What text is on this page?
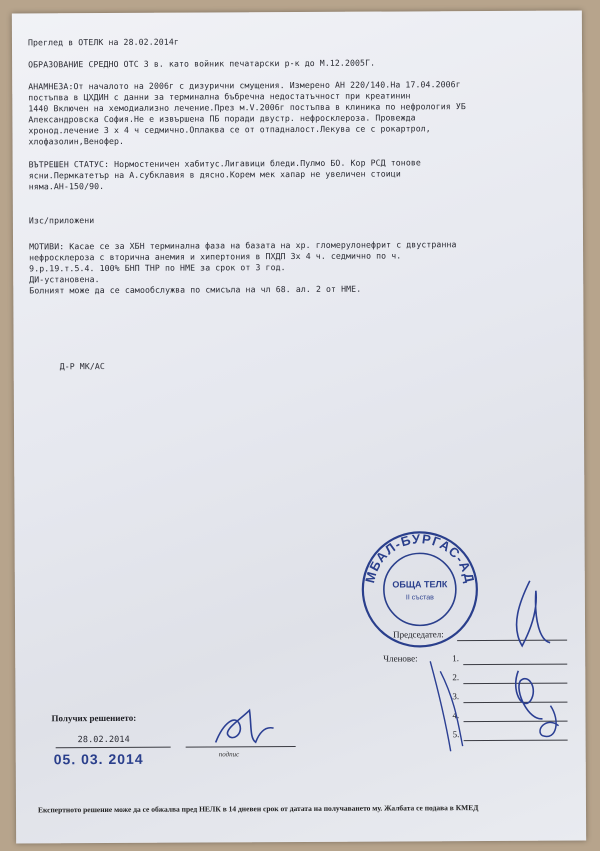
Преглед в ОТЕЛК на 28.02.2014г
ОБРАЗОВАНИЕ СРЕДНО ОТС 3 в. като войник печатарски р-к до М.12.2005Г.
АНАМНЕЗА:От началото на 2006г с дизурични смущения. Измерено АН 220/140.На 17.04.2006г
постъпва в ЦХДИН с данни за терминална бъбречна недостатъчност при креатинин
1440 Включен на хемодиализно лечение.През м.V.2006г постъпва в клиника по нефрология УБ
Александровска София.Не е извършена ПБ поради двустр. нефросклероза. Провежда
хронод.лечение 3 х 4 ч седмично.Оплаква се от отпадналост.Лекува се с рокартрол,
хлофазолин,Венофер.
ВЪТРЕШЕН СТАТУС: Нормостеничен хабитус.Лигавици бледи.Пулмо БО. Кор РСД тонове
ясни.Пермкатетър на А.субклавия в дясно.Корем мек хапар не увеличен стоици
няма.АН-150/90.
Изс/приложени
МОТИВИ: Касае се за ХБН терминална фаза на базата на хр. гломерулонефрит с двустранна
нефросклероза с вторична анемия и хипертония в ПХДП 3х 4 ч. седмично по ч.
9.р.19.т.5.4. 100% БНП ТНР по НМЕ за срок от 3 год.
ДИ-установена.
Болният може да се самообслужва по смисъла на чл 68. ал. 2 от НМЕ.
Д-Р МК/АС
МБАЛ-БУРГАС-АД
ОБЩА ТЕЛК
II състав
Председател:
Членове:	1.
2.
3.
4.
5.
Получих решението:
28.02.2014
05. 03. 2014	подпис
Експертното решение може да се обжалва пред НЕЛК в 14 дневен срок от датата на получаването му. Жалбата се подава в КМЕД
